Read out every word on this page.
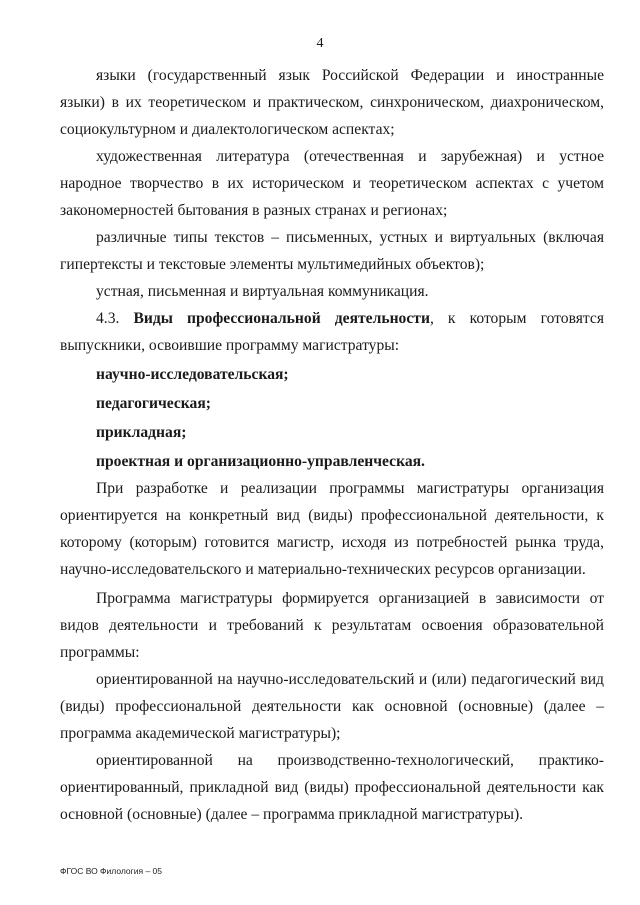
4

языки (государственный язык Российской Федерации и иностранные языки) в их теоретическом и практическом, синхроническом, диахроническом, социокультурном и диалектологическом аспектах;

художественная литература (отечественная и зарубежная) и устное народное творчество в их историческом и теоретическом аспектах с учетом закономерностей бытования в разных странах и регионах;

различные типы текстов – письменных, устных и виртуальных (включая гипертексты и текстовые элементы мультимедийных объектов);

устная, письменная и виртуальная коммуникация.

4.3. Виды профессиональной деятельности, к которым готовятся выпускники, освоившие программу магистратуры:

научно-исследовательская;

педагогическая;

прикладная;

проектная и организационно-управленческая.

При разработке и реализации программы магистратуры организация ориентируется на конкретный вид (виды) профессиональной деятельности, к которому (которым) готовится магистр, исходя из потребностей рынка труда, научно-исследовательского и материально-технических ресурсов организации.

Программа магистратуры формируется организацией в зависимости от видов деятельности и требований к результатам освоения образовательной программы:

ориентированной на научно-исследовательский и (или) педагогический вид (виды) профессиональной деятельности как основной (основные) (далее – программа академической магистратуры);

ориентированной на производственно-технологический, практико-ориентированный, прикладной вид (виды) профессиональной деятельности как основной (основные) (далее – программа прикладной магистратуры).

ФГОС ВО Филология – 05
